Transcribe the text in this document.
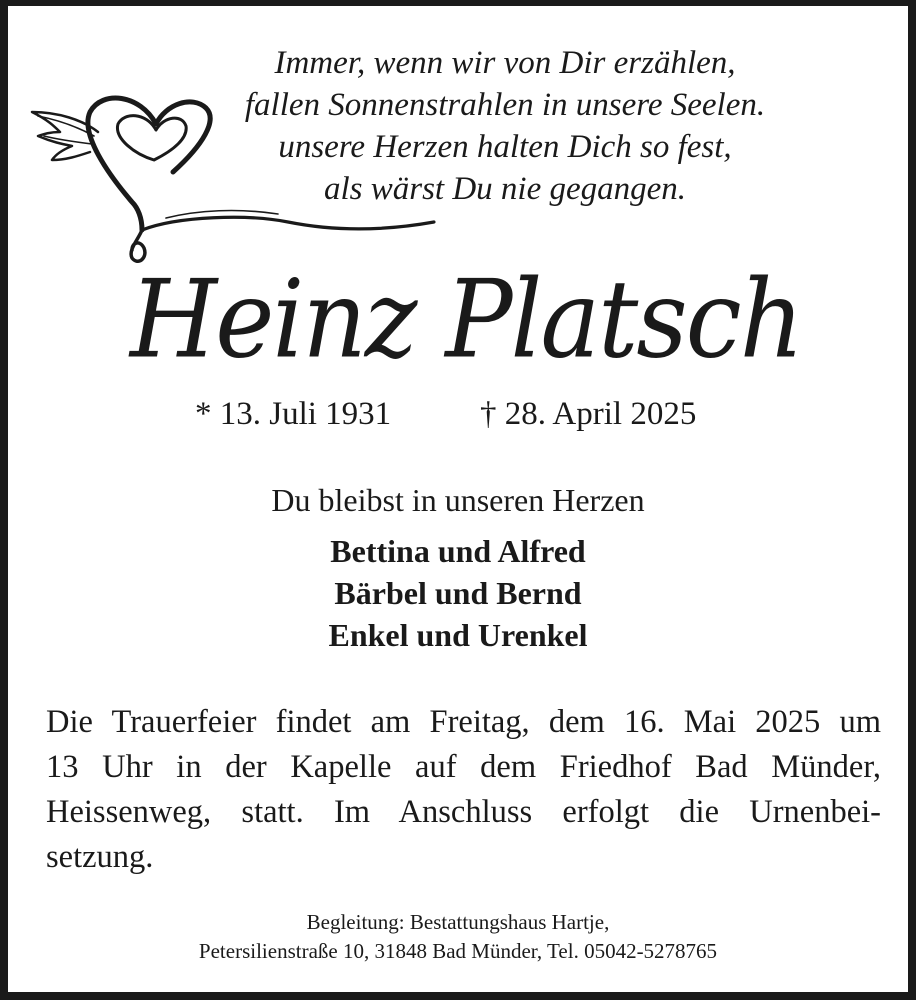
Immer, wenn wir von Dir erzählen,
fallen Sonnenstrahlen in unsere Seelen.
unsere Herzen halten Dich so fest,
als wärst Du nie gegangen.
Heinz Platsch
* 13. Juli 1931	† 28. April 2025
Du bleibst in unseren Herzen
Bettina und Alfred
Bärbel und Bernd
Enkel und Urenkel
Die Trauerfeier findet am Freitag, dem 16. Mai 2025 um
13 Uhr in der Kapelle auf dem Friedhof Bad Münder,
Heissenweg, statt. Im Anschluss erfolgt die Urnenbei-
setzung.
Begleitung: Bestattungshaus Hartje,
Petersilienstraße 10, 31848 Bad Münder, Tel. 05042-5278765
